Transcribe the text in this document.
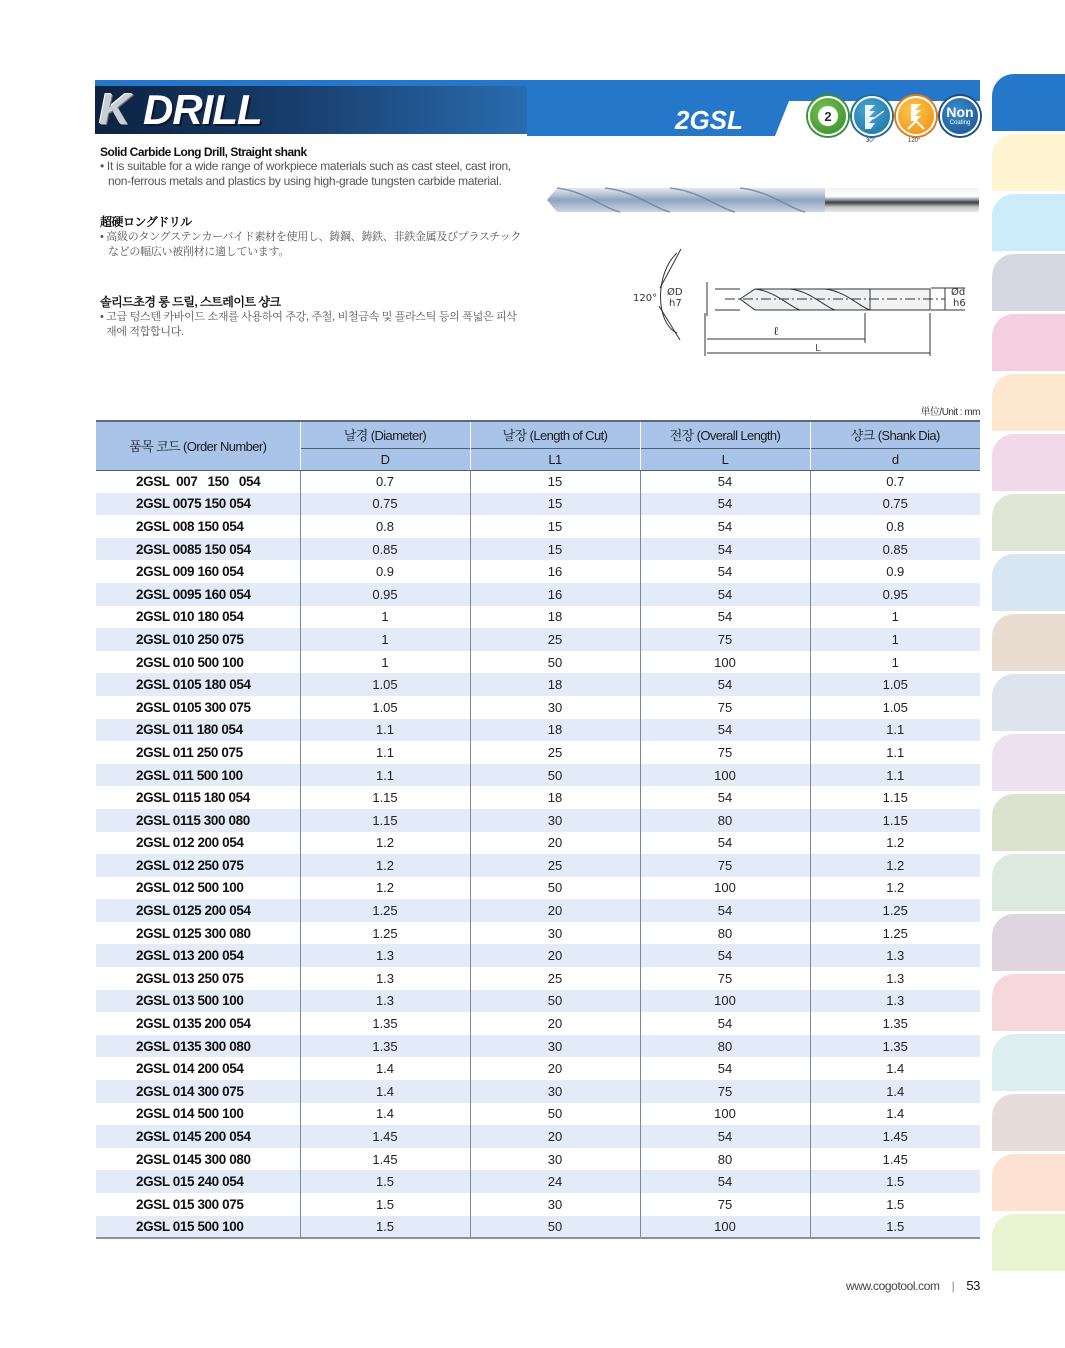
K DRILL	2GSL	2
30°	120°
Non
Coating
Solid Carbide Long Drill, Straight shank
• It is suitable for a wide range of workpiece materials such as cast steel, cast iron,
non-ferrous metals and plastics by using high-grade tungsten carbide material.
超硬ロングドリル
• 高級のタングステンカーバイド素材を使用し、鋳鋼、鋳鉄、非鉄金属及びプラスチック
などの幅広い被削材に適しています。
솔리드초경 롱 드릴, 스트레이트 샹크
• 고급 텅스텐 카바이드 소재를 사용하여 주강, 주철, 비철금속 및 플라스틱 등의 폭넓은 피삭
재에 적합합니다.
120°
ØD
h7
Ød
h6
ℓ
L
単位/Unit : mm
품목 코드 (Order Number)	날경 (Diameter)	날장 (Length of Cut)	전장 (Overall Length)	샹크 (Shank Dia)
	D	L1	L	d
2GSL  007   150   054	0.7	15	54	0.7
2GSL 0075 150 054	0.75	15	54	0.75
2GSL 008 150 054	0.8	15	54	0.8
2GSL 0085 150 054	0.85	15	54	0.85
2GSL 009 160 054	0.9	16	54	0.9
2GSL 0095 160 054	0.95	16	54	0.95
2GSL 010 180 054	1	18	54	1
2GSL 010 250 075	1	25	75	1
2GSL 010 500 100	1	50	100	1
2GSL 0105 180 054	1.05	18	54	1.05
2GSL 0105 300 075	1.05	30	75	1.05
2GSL 011 180 054	1.1	18	54	1.1
2GSL 011 250 075	1.1	25	75	1.1
2GSL 011 500 100	1.1	50	100	1.1
2GSL 0115 180 054	1.15	18	54	1.15
2GSL 0115 300 080	1.15	30	80	1.15
2GSL 012 200 054	1.2	20	54	1.2
2GSL 012 250 075	1.2	25	75	1.2
2GSL 012 500 100	1.2	50	100	1.2
2GSL 0125 200 054	1.25	20	54	1.25
2GSL 0125 300 080	1.25	30	80	1.25
2GSL 013 200 054	1.3	20	54	1.3
2GSL 013 250 075	1.3	25	75	1.3
2GSL 013 500 100	1.3	50	100	1.3
2GSL 0135 200 054	1.35	20	54	1.35
2GSL 0135 300 080	1.35	30	80	1.35
2GSL 014 200 054	1.4	20	54	1.4
2GSL 014 300 075	1.4	30	75	1.4
2GSL 014 500 100	1.4	50	100	1.4
2GSL 0145 200 054	1.45	20	54	1.45
2GSL 0145 300 080	1.45	30	80	1.45
2GSL 015 240 054	1.5	24	54	1.5
2GSL 015 300 075	1.5	30	75	1.5
2GSL 015 500 100	1.5	50	100	1.5
www.cogotool.com | 53
